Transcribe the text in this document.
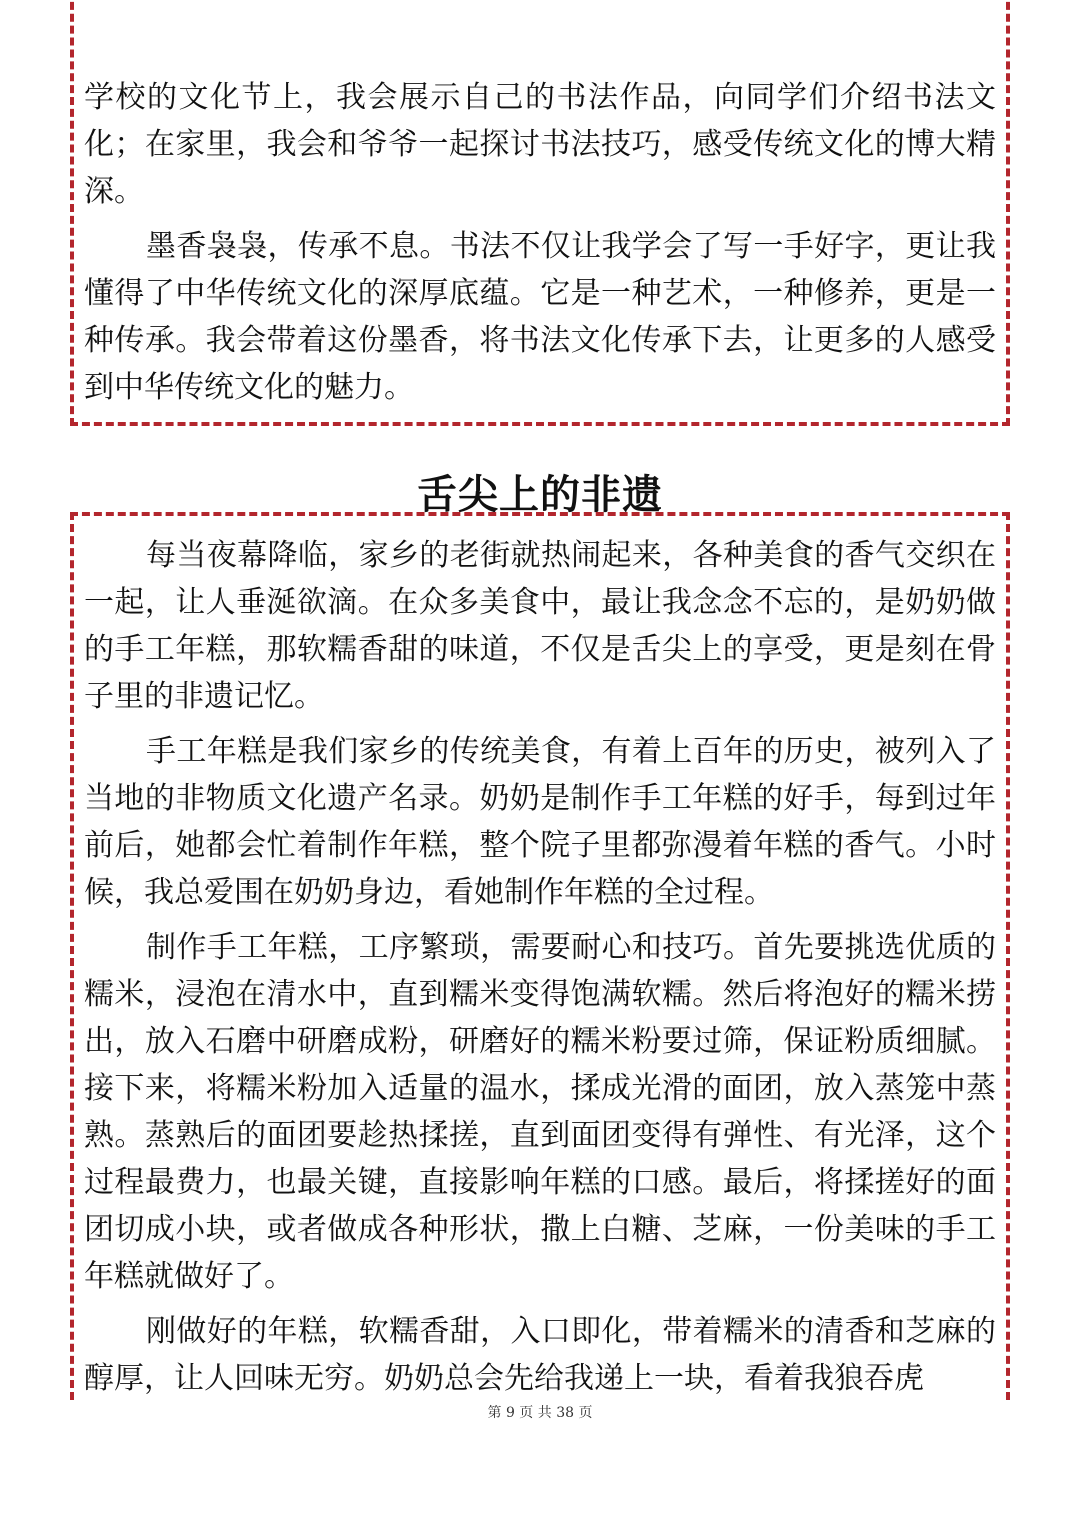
学校的文化节上，我会展示自己的书法作品，向同学们介绍书法文化；在家里，我会和爷爷一起探讨书法技巧，感受传统文化的博大精深。

墨香袅袅，传承不息。书法不仅让我学会了写一手好字，更让我懂得了中华传统文化的深厚底蕴。它是一种艺术，一种修养，更是一种传承。我会带着这份墨香，将书法文化传承下去，让更多的人感受到中华传统文化的魅力。

舌尖上的非遗

每当夜幕降临，家乡的老街就热闹起来，各种美食的香气交织在一起，让人垂涎欲滴。在众多美食中，最让我念念不忘的，是奶奶做的手工年糕，那软糯香甜的味道，不仅是舌尖上的享受，更是刻在骨子里的非遗记忆。

手工年糕是我们家乡的传统美食，有着上百年的历史，被列入了当地的非物质文化遗产名录。奶奶是制作手工年糕的好手，每到过年前后，她都会忙着制作年糕，整个院子里都弥漫着年糕的香气。小时候，我总爱围在奶奶身边，看她制作年糕的全过程。

制作手工年糕，工序繁琐，需要耐心和技巧。首先要挑选优质的糯米，浸泡在清水中，直到糯米变得饱满软糯。然后将泡好的糯米捞出，放入石磨中研磨成粉，研磨好的糯米粉要过筛，保证粉质细腻。接下来，将糯米粉加入适量的温水，揉成光滑的面团，放入蒸笼中蒸熟。蒸熟后的面团要趁热揉搓，直到面团变得有弹性、有光泽，这个过程最费力，也最关键，直接影响年糕的口感。最后，将揉搓好的面团切成小块，或者做成各种形状，撒上白糖、芝麻，一份美味的手工年糕就做好了。

刚做好的年糕，软糯香甜，入口即化，带着糯米的清香和芝麻的醇厚，让人回味无穷。奶奶总会先给我递上一块，看着我狼吞虎

第 9 页 共 38 页
